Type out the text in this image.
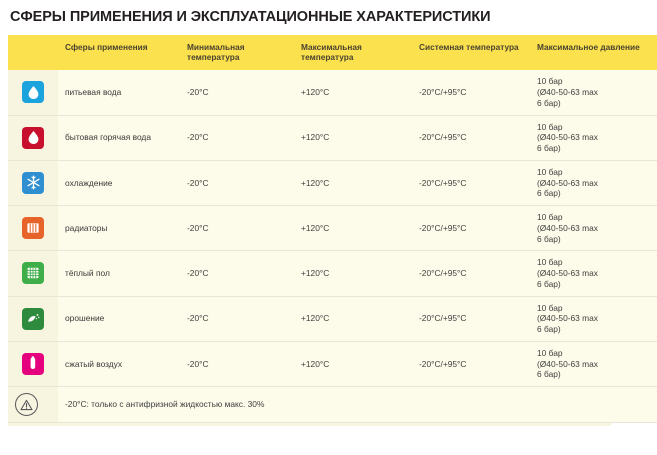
СФЕРЫ ПРИМЕНЕНИЯ И ЭКСПЛУАТАЦИОННЫЕ ХАРАКТЕРИСТИКИ
	Сферы применения	Минимальная температура	Максимальная температура	Системная температура	Максимальное давление

	питьевая вода	-20°C	+120°C	-20°C/+95°C	10 бар
(Ø40-50-63 max
6 бар)

	бытовая горячая вода	-20°C	+120°C	-20°C/+95°C	10 бар
(Ø40-50-63 max
6 бар)

	охлаждение	-20°C	+120°C	-20°C/+95°C	10 бар
(Ø40-50-63 max
6 бар)

	радиаторы	-20°C	+120°C	-20°C/+95°C	10 бар
(Ø40-50-63 max
6 бар)

	тёплый пол	-20°C	+120°C	-20°C/+95°C	10 бар
(Ø40-50-63 max
6 бар)

	орошение	-20°C	+120°C	-20°C/+95°C	10 бар
(Ø40-50-63 max
6 бар)

	сжатый воздух	-20°C	+120°C	-20°C/+95°C	10 бар
(Ø40-50-63 max
6 бар)

	-20°C: только с антифризной жидкостью макс. 30%				
